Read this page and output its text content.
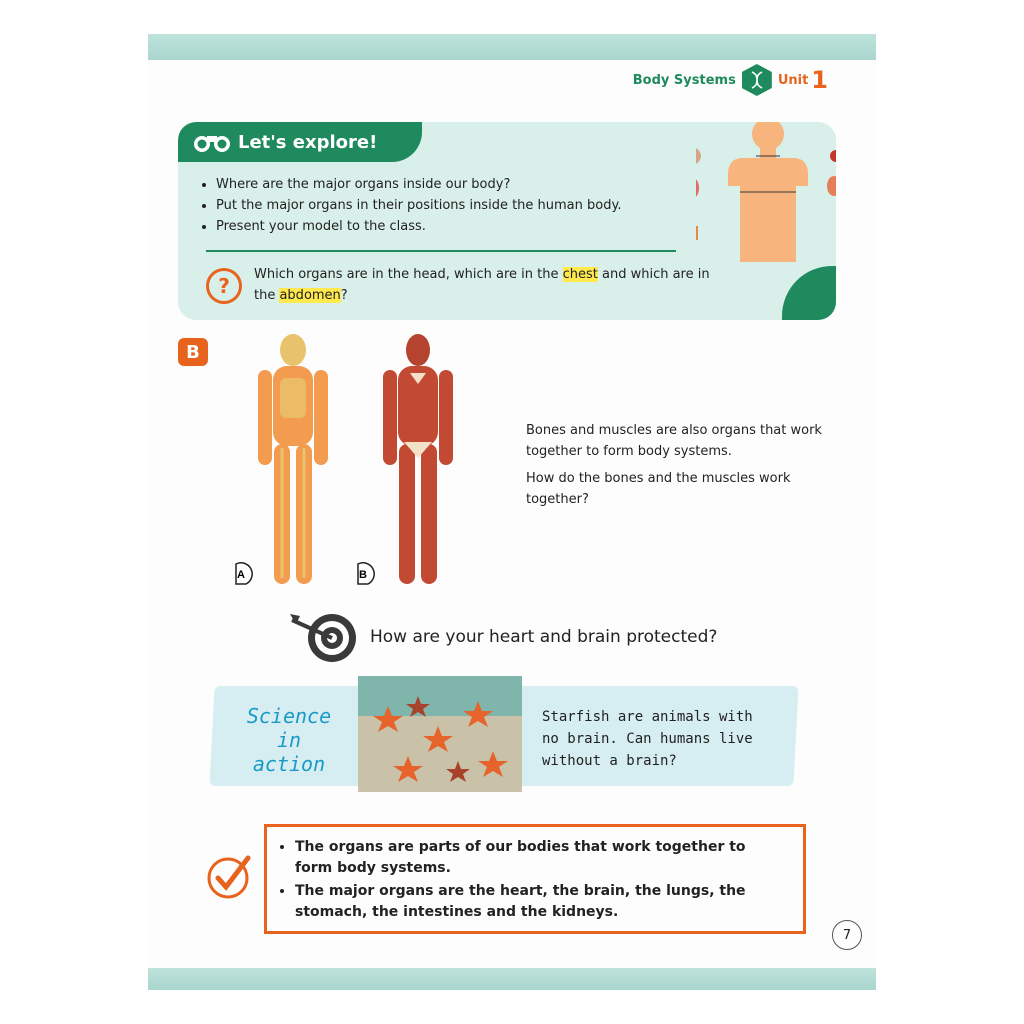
Body Systems	Unit 1
Let's explore!
• Where are the major organs inside our body?
• Put the major organs in their positions inside the human body.
• Present your model to the class.
?	Which organs are in the head, which are in the chest and which are in the abdomen?
B
A	B

Bones and muscles are also organs that work together to form body systems.

How do the bones and the muscles work together?

How are your heart and brain protected?
Science
in
action
Starfish are animals with no brain. Can humans live without a brain?
• The organs are parts of our bodies that work together to form body systems.
• The major organs are the heart, the brain, the lungs, the stomach, the intestines and the kidneys.
7
